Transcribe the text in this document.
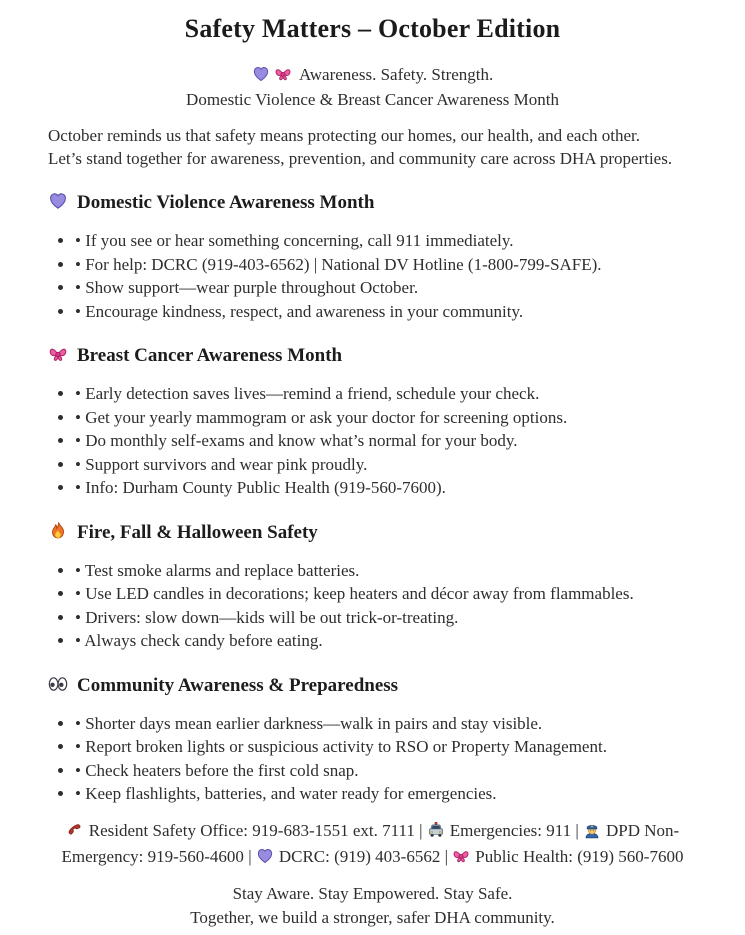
Safety Matters – October Edition
Awareness. Safety. Strength.
Domestic Violence & Breast Cancer Awareness Month

October reminds us that safety means protecting our homes, our health, and each other.
Let’s stand together for awareness, prevention, and community care across DHA properties.

Domestic Violence Awareness Month
• • If you see or hear something concerning, call 911 immediately.
• • For help: DCRC (919-403-6562) | National DV Hotline (1-800-799-SAFE).
• • Show support—wear purple throughout October.
• • Encourage kindness, respect, and awareness in your community.
Breast Cancer Awareness Month
• • Early detection saves lives—remind a friend, schedule your check.
• • Get your yearly mammogram or ask your doctor for screening options.
• • Do monthly self-exams and know what’s normal for your body.
• • Support survivors and wear pink proudly.
• • Info: Durham County Public Health (919-560-7600).
Fire, Fall & Halloween Safety
• • Test smoke alarms and replace batteries.
• • Use LED candles in decorations; keep heaters and décor away from flammables.
• • Drivers: slow down—kids will be out trick-or-treating.
• • Always check candy before eating.
Community Awareness & Preparedness
• • Shorter days mean earlier darkness—walk in pairs and stay visible.
• • Report broken lights or suspicious activity to RSO or Property Management.
• • Check heaters before the first cold snap.
• • Keep flashlights, batteries, and water ready for emergencies.

Resident Safety Office: 919-683-1551 ext. 7111 | Emergencies: 911 | DPD Non-Emergency: 919-560-4600 | DCRC: (919) 403-6562 | Public Health: (919) 560-7600

Stay Aware. Stay Empowered. Stay Safe.
Together, we build a stronger, safer DHA community.
